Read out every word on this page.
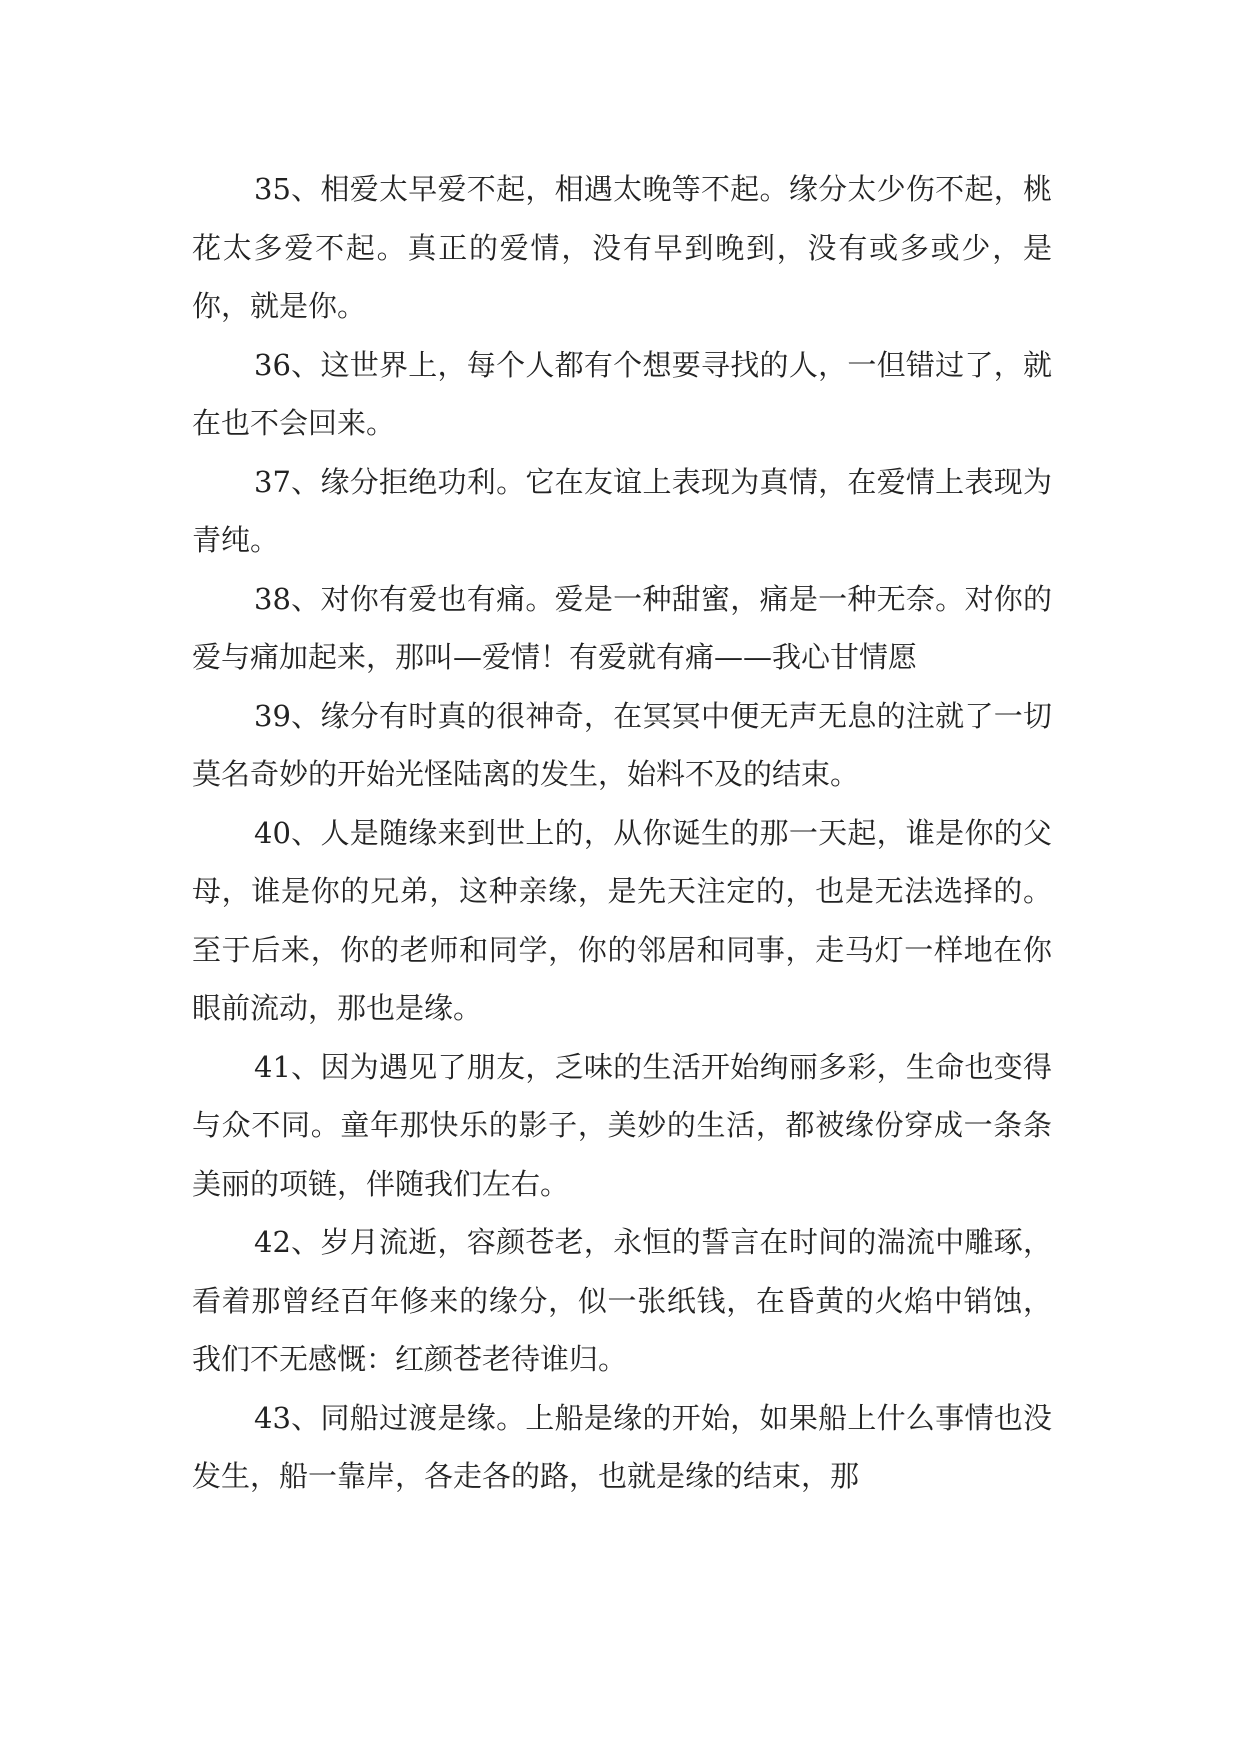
35、相爱太早爱不起，相遇太晚等不起。缘分太少伤不起，桃花太多爱不起。真正的爱情，没有早到晚到，没有或多或少，是你，就是你。

36、这世界上，每个人都有个想要寻找的人，一但错过了，就在也不会回来。

37、缘分拒绝功利。它在友谊上表现为真情，在爱情上表现为青纯。

38、对你有爱也有痛。爱是一种甜蜜，痛是一种无奈。对你的爱与痛加起来，那叫—爱情！有爱就有痛——我心甘情愿

39、缘分有时真的很神奇，在冥冥中便无声无息的注就了一切莫名奇妙的开始光怪陆离的发生，始料不及的结束。

40、人是随缘来到世上的，从你诞生的那一天起，谁是你的父母，谁是你的兄弟，这种亲缘，是先天注定的，也是无法选择的。至于后来，你的老师和同学，你的邻居和同事，走马灯一样地在你眼前流动，那也是缘。

41、因为遇见了朋友，乏味的生活开始绚丽多彩，生命也变得与众不同。童年那快乐的影子，美妙的生活，都被缘份穿成一条条美丽的项链，伴随我们左右。

42、岁月流逝，容颜苍老，永恒的誓言在时间的湍流中雕琢，看着那曾经百年修来的缘分，似一张纸钱，在昏黄的火焰中销蚀，我们不无感慨：红颜苍老待谁归。

43、同船过渡是缘。上船是缘的开始，如果船上什么事情也没发生，船一靠岸，各走各的路，也就是缘的结束，那
